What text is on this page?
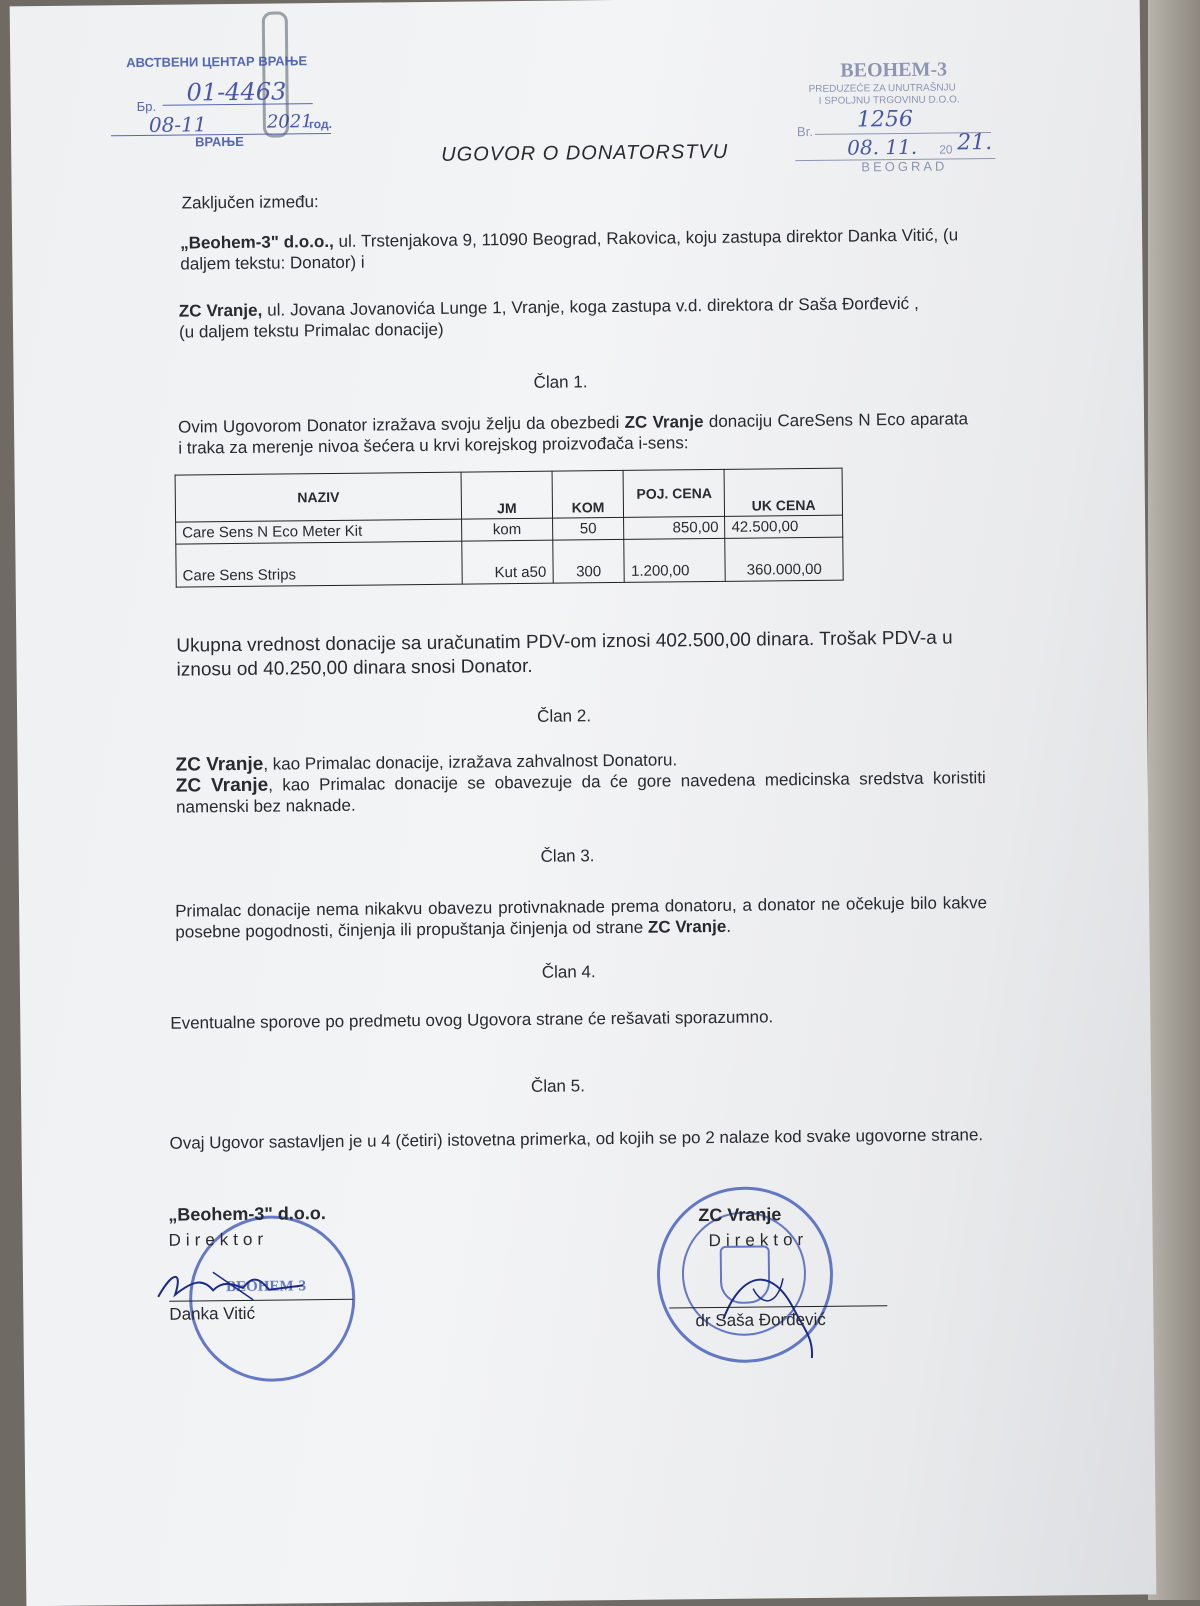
АВСТВЕНИ ЦЕНТАР ВРАЊЕ
Бр. 01-4463
08-11	2021
год.
ВРАЊЕ
BEOHEM-3
PREDUZEĆE ZA UNUTRAŠNJU
I SPOLJNU TRGOVINU D.O.O.
Br. 1256
08. 11. 20 21.
BEOGRAD
UGOVOR O DONATORSTVU
Zaključen između:
„Beohem-3" d.o.o., ul. Trstenjakova 9, 11090 Beograd, Rakovica, koju zastupa direktor Danka Vitić, (u daljem tekstu: Donator) i
ZC Vranje, ul. Jovana Jovanovića Lunge 1, Vranje, koga zastupa v.d. direktora dr Saša Đorđević , (u daljem tekstu Primalac donacije)
Član 1.
Ovim Ugovorom Donator izražava svoju želju da obezbedi ZC Vranje donaciju CareSens N Eco aparata i traka za merenje nivoa šećera u krvi korejskog proizvođača i-sens:
NAZIV	JM	KOM	POJ. CENA	UK CENA
Care Sens N Eco Meter Kit	kom	50	850,00	42.500,00
Care Sens Strips	Kut a50	300	1.200,00	360.000,00
Ukupna vrednost donacije sa uračunatim PDV-om iznosi 402.500,00 dinara. Trošak PDV-a u iznosu od 40.250,00 dinara snosi Donator.
Član 2.
ZC Vranje, kao Primalac donacije, izražava zahvalnost Donatoru.
ZC Vranje, kao Primalac donacije se obavezuje da će gore navedena medicinska sredstva koristiti namenski bez naknade.
Član 3.
Primalac donacije nema nikakvu obavezu protivnaknade prema donatoru, a donator ne očekuje bilo kakve posebne pogodnosti, činjenja ili propuštanja činjenja od strane ZC Vranje.
Član 4.
Eventualne sporove po predmetu ovog Ugovora strane će rešavati sporazumno.
Član 5.
Ovaj Ugovor sastavljen je u 4 (četiri) istovetna primerka, od kojih se po 2 nalaze kod svake ugovorne strane.
BEOHEM-3
„Beohem-3" d.o.o.
Direktor
Danka Vitić
ZC Vranje
Direktor
dr Saša Đorđević
